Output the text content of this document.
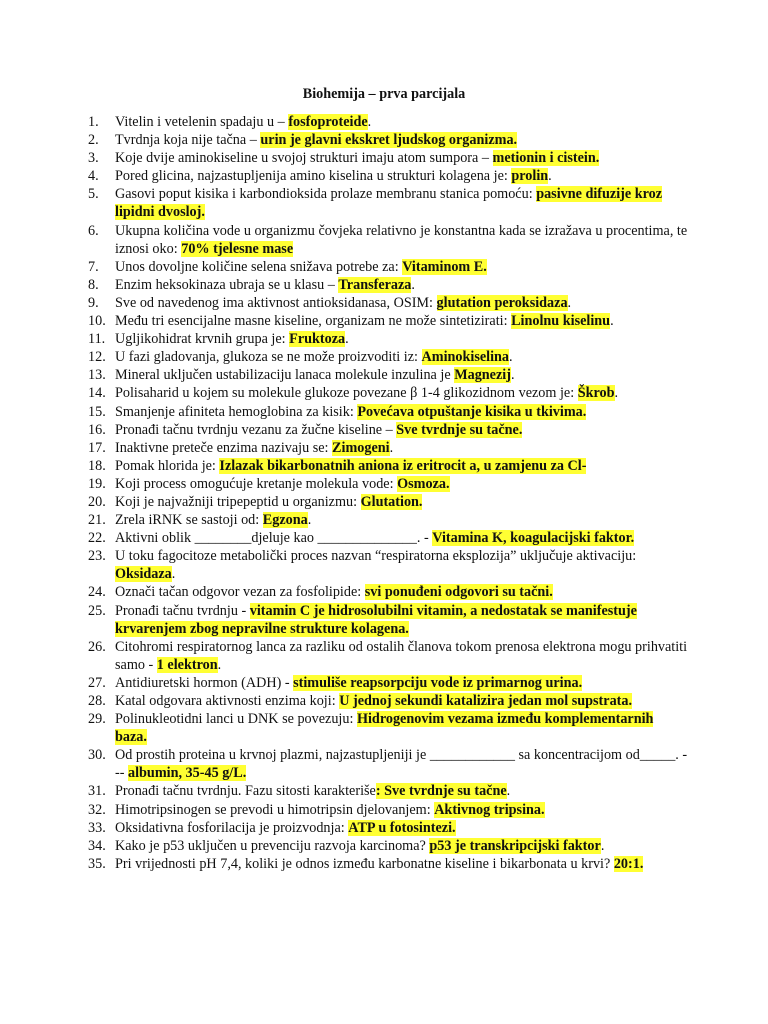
Biohemija – prva parcijala
1. Vitelin i vetelenin spadaju u – fosfoproteide.
2. Tvrdnja koja nije tačna – urin je glavni ekskret ljudskog organizma.
3. Koje dvije aminokiseline u svojoj strukturi imaju atom sumpora – metionin i cistein.
4. Pored glicina, najzastupljenija amino kiselina u strukturi kolagena je: prolin.
5. Gasovi poput kisika i karbondioksida prolaze membranu stanica pomoću: pasivne difuzije kroz lipidni dvosloj.
6. Ukupna količina vode u organizmu čovjeka relativno je konstantna kada se izražava u procentima, te iznosi oko: 70% tjelesne mase
7. Unos dovoljne količine selena snižava potrebe za: Vitaminom E.
8. Enzim heksokinaza ubraja se u klasu – Transferaza.
9. Sve od navedenog ima aktivnost antioksidanasa, OSIM: glutation peroksidaza.
10. Među tri esencijalne masne kiseline, organizam ne može sintetizirati: Linolnu kiselinu.
11. Ugljikohidrat krvnih grupa je: Fruktoza.
12. U fazi gladovanja, glukoza se ne može proizvoditi iz: Aminokiselina.
13. Mineral uključen ustabilizaciju lanaca molekule inzulina je Magnezij.
14. Polisaharid u kojem su molekule glukoze povezane β 1-4 glikozidnom vezom je: Škrob.
15. Smanjenje afiniteta hemoglobina za kisik: Povećava otpuštanje kisika u tkivima.
16. Pronađi tačnu tvrdnju vezanu za žučne kiseline – Sve tvrdnje su tačne.
17. Inaktivne preteče enzima nazivaju se: Zimogeni.
18. Pomak hlorida je: Izlazak bikarbonatnih aniona iz eritrocit a, u zamjenu za Cl-
19. Koji process omogućuje kretanje molekula vode: Osmoza.
20. Koji je najvažniji tripepeptid u organizmu: Glutation.
21. Zrela iRNK se sastoji od: Egzona.
22. Aktivni oblik ________djeluje kao ______________. - Vitamina K, koagulacijski faktor.
23. U toku fagocitoze metabolički proces nazvan “respiratorna eksplozija” uključuje aktivaciju: Oksidaza.
24. Označi tačan odgovor vezan za fosfolipide: svi ponuđeni odgovori su tačni.
25. Pronađi tačnu tvrdnju - vitamin C je hidrosolubilni vitamin, a nedostatak se manifestuje krvarenjem zbog nepravilne strukture kolagena.
26. Citohromi respiratornog lanca za razliku od ostalih članova tokom prenosa elektrona mogu prihvatiti samo - 1 elektron.
27. Antidiuretski hormon (ADH) - stimuliše reapsorpciju vode iz primarnog urina.
28. Katal odgovara aktivnosti enzima koji: U jednoj sekundi katalizira jedan mol supstrata.
29. Polinukleotidni lanci u DNK se povezuju: Hidrogenovim vezama između komplementarnih baza.
30. Od prostih proteina u krvnoj plazmi, najzastupljeniji je ____________ sa koncentracijom od_____. --- albumin, 35-45 g/L.
31. Pronađi tačnu tvrdnju. Fazu sitosti karakteriše: Sve tvrdnje su tačne.
32. Himotripsinogen se prevodi u himotripsin djelovanjem: Aktivnog tripsina.
33. Oksidativna fosforilacija je proizvodnja: ATP u fotosintezi.
34. Kako je p53 uključen u prevenciju razvoja karcinoma? p53 je transkripcijski faktor.
35. Pri vrijednosti pH 7,4, koliki je odnos između karbonatne kiseline i bikarbonata u krvi? 20:1.
